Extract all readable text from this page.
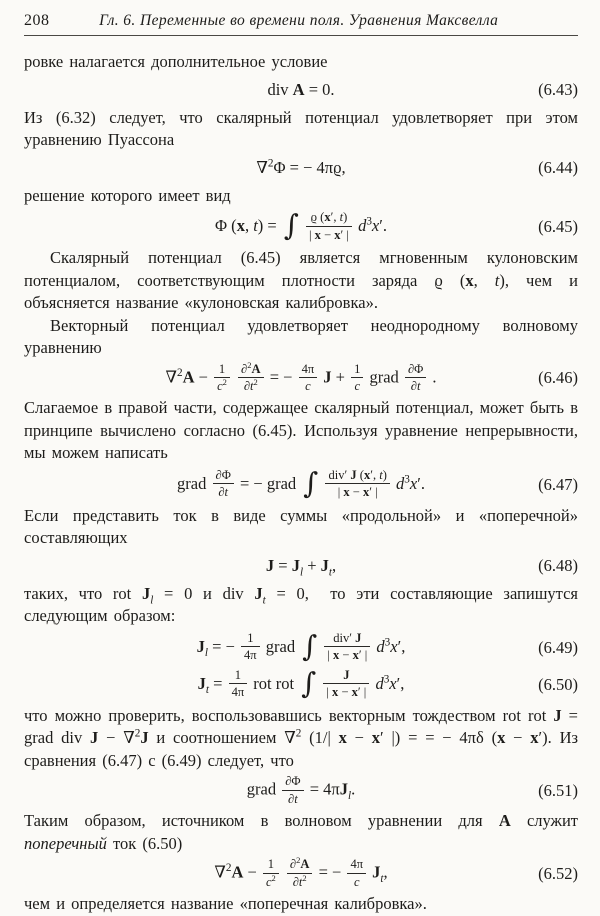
208	Гл. 6. Переменные во времени поля. Уравнения Максвелла

ровке налагается дополнительное условие

div A = 0.	(6.43)

Из (6.32) следует, что скалярный потенциал удовлетворяет при этом уравнению Пуассона

∇$^2$Φ = − 4πϱ,	(6.44)

решение которого имеет вид

Φ (x, t) = ∫ $\frac{ϱ (x', t)}{| x - x' |} d^3x'$.	(6.45)

Скалярный потенциал (6.45) является мгновенным кулоновским потенциалом, соответствующим плотности заряда ϱ (x, t), чем и объясняется название «кулоновская калибровка».

Векторный потенциал удовлетворяет неоднородному волновому уравнению

$\nabla^2A - \frac{1}{c^2}$
$\frac{\partial^2A}{\partial t^2}$ = − $\frac{4\pi}{c}$ $J + \frac{1}{c}$ grad $\frac{\partial\Phi}{\partial t}$ .	(6.46)

Слагаемое в правой части, содержащее скалярный потенциал, может быть в принципе вычислено согласно (6.45). Используя уравнение непрерывности, мы можем написать

grad $\frac{\partial\Phi}{\partial t}$ = − grad ∫ $\frac{\text{div′ J (x′, t)}}{| x - x' |} d^3x'$.	(6.47)

Если представить ток в виде суммы «продольной» и «поперечной» составляющих

$J = J_l + J_t$,	(6.48)

таких, что rot $J_l = 0$ и div $J_t = 0$,  то эти составляющие запишутся следующим образом:

$J_l$ = − $\frac{1}{4\pi}$ grad ∫ $\frac{\text{div′ J}}{| x - x' |} d^3x'$,	(6.49)
$J_t = \frac{1}{4\pi}$ rot rot ∫ $\frac{J}{| x - x' |} d^3x'$,	(6.50)

что можно проверить, воспользовавшись векторным тождеством rot rot J = grad div J − ∇$^2$J и соотношением ∇$^2$ (1/| x − x′ |) = = − 4πδ (x − x′). Из сравнения (6.47) с (6.49) следует, что

grad $\frac{\partial\Phi}{\partial t} = 4\pi J_l$.	(6.51)

Таким образом, источником в волновом уравнении для A служит поперечный ток (6.50)

$\nabla^2A - \frac{1}{c^2}$
$\frac{\partial^2A}{\partial t^2}$ = − $\frac{4\pi}{c} J_t$,	(6.52)

чем и определяется название «поперечная калибровка».
